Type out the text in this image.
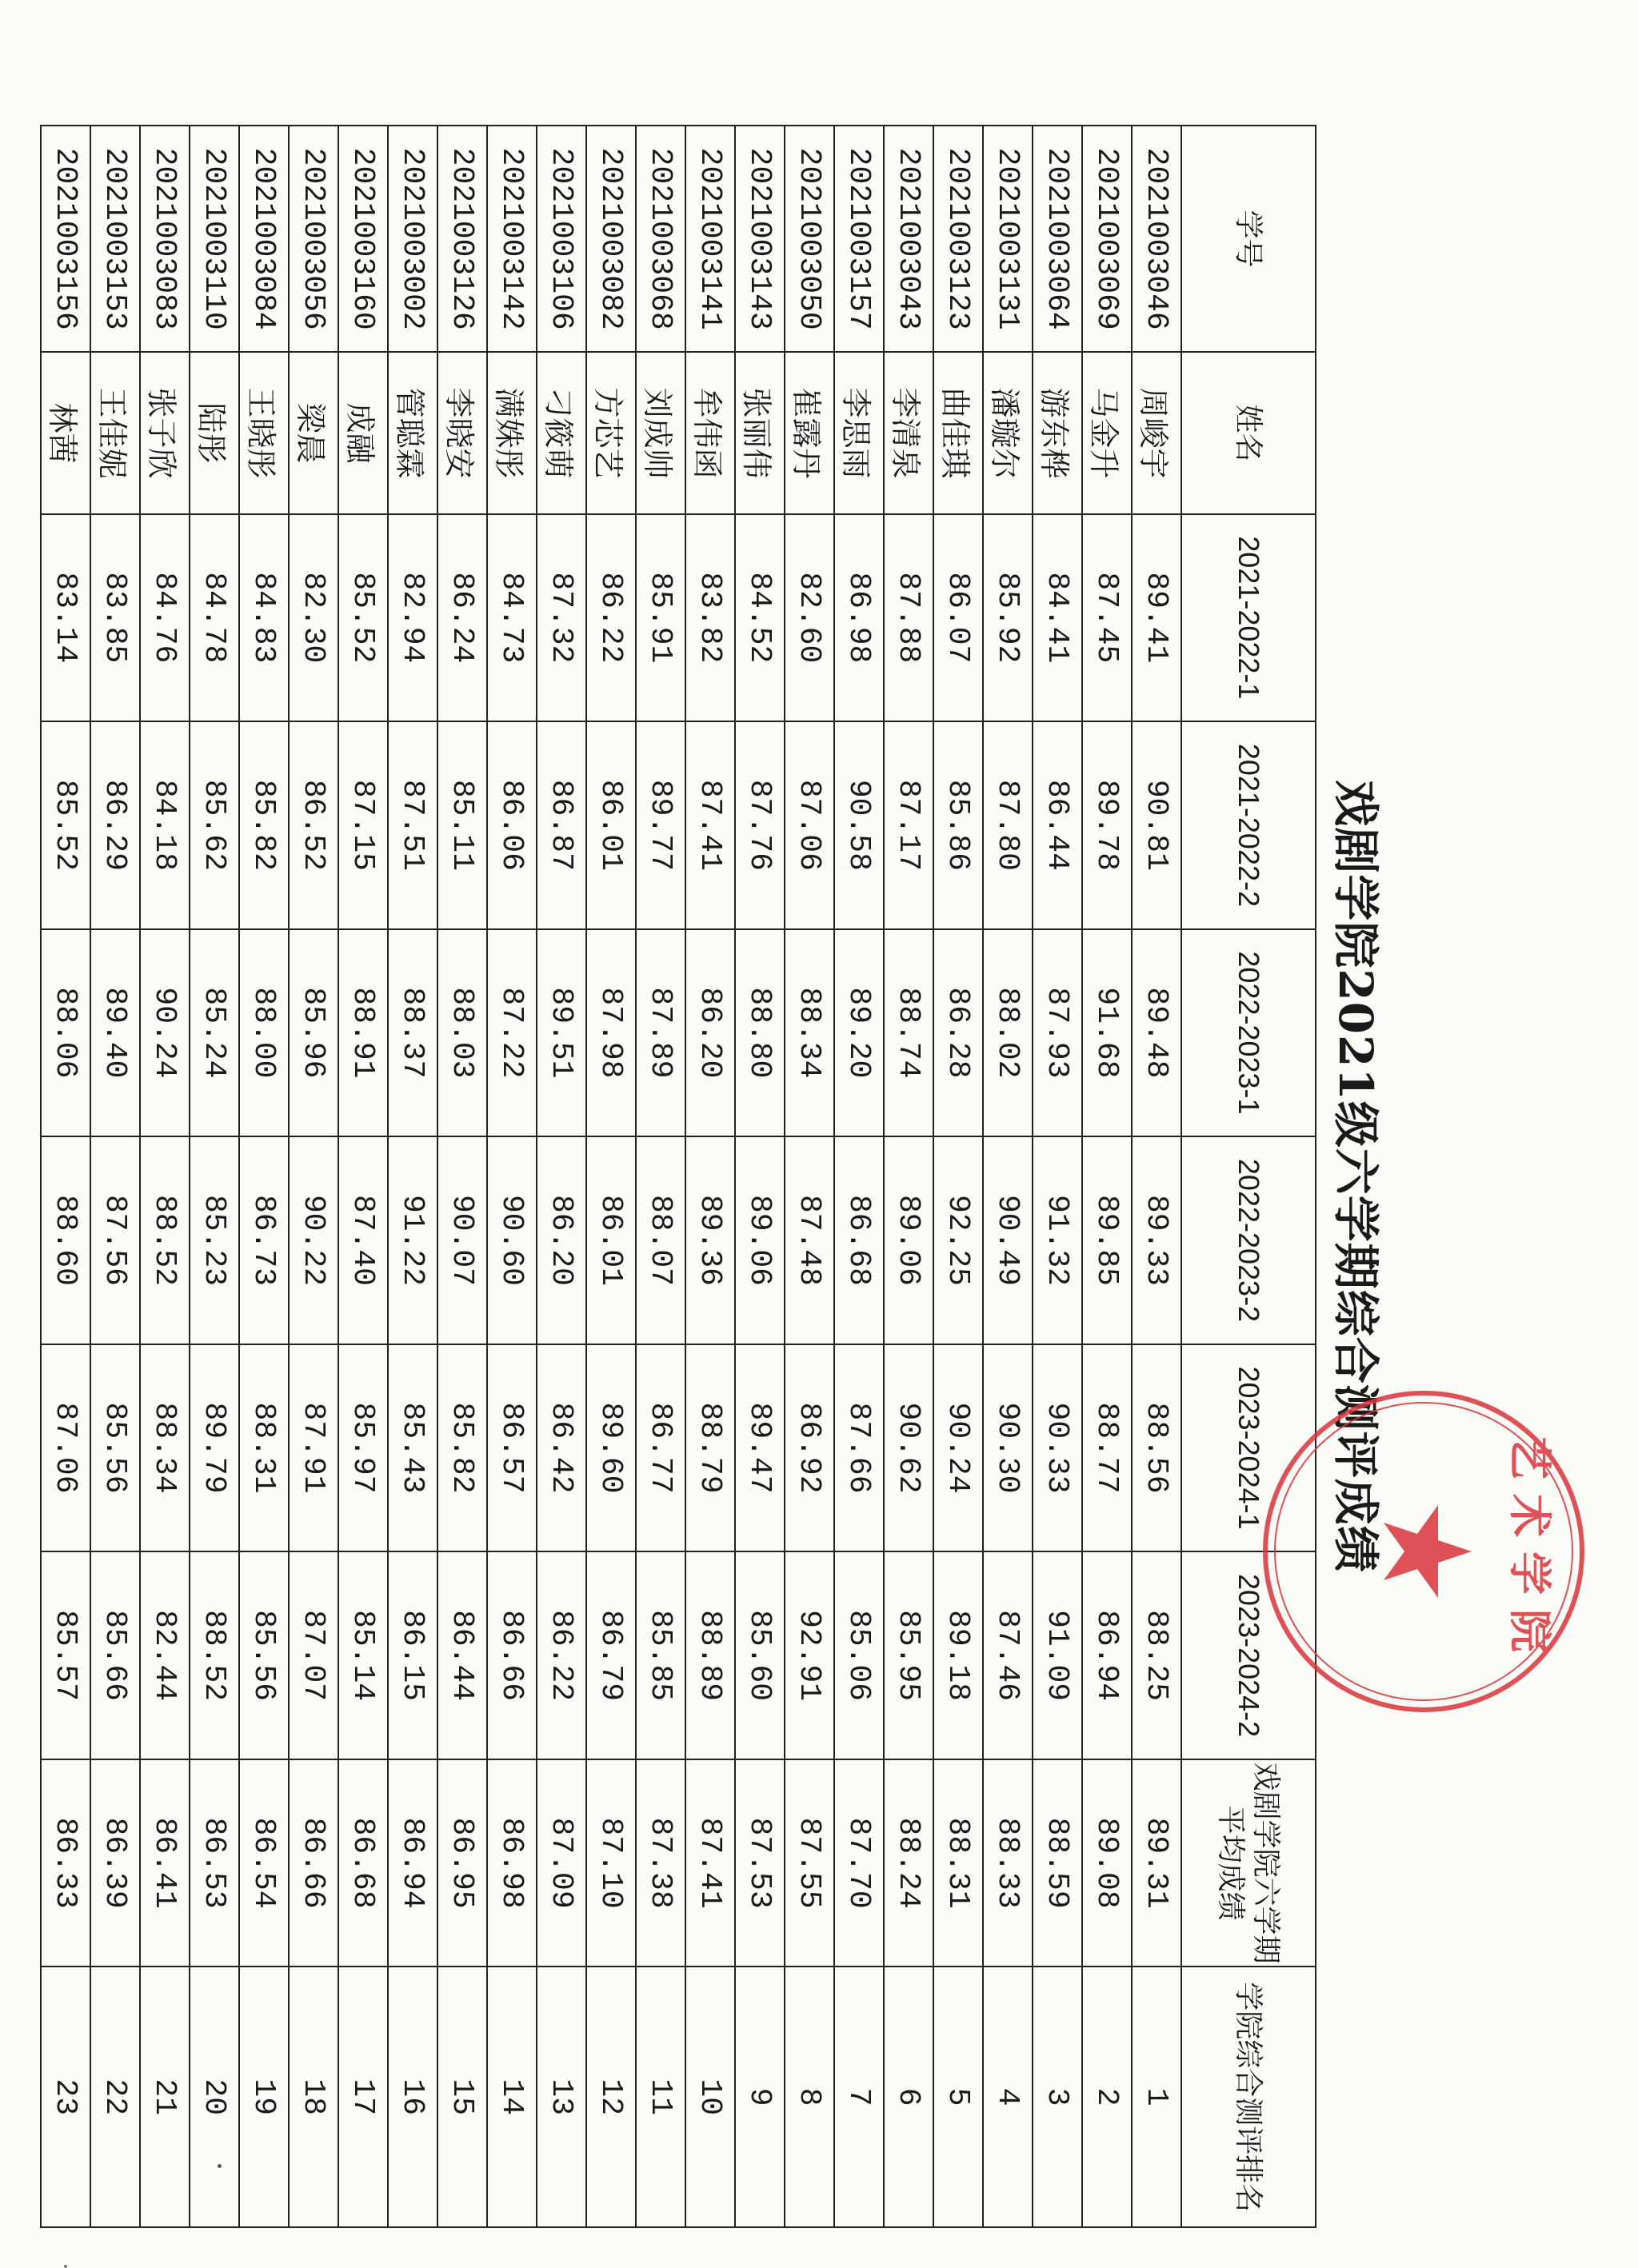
戏剧学院2021级六学期综合测评成绩
学号	姓名	2021-2022-1	2021-2022-2	2022-2023-1	2022-2023-2	2023-2024-1	2023-2024-2	戏剧学院六学期平均成绩	学院综合测评排名
2021003046	周峻宇	89.41	90.81	89.48	89.33	88.56	88.25	89.31	1
2021003069	马金升	87.45	89.78	91.68	89.85	88.77	86.94	89.08	2
2021003064	游东桦	84.41	86.44	87.93	91.32	90.33	91.09	88.59	3
2021003131	潘璇尔	85.92	87.80	88.02	90.49	90.30	87.46	88.33	4
2021003123	曲佳琪	86.07	85.86	86.28	92.25	90.24	89.18	88.31	5
2021003043	李清泉	87.88	87.17	88.74	89.06	90.62	85.95	88.24	6
2021003157	李思雨	86.98	90.58	89.20	86.68	87.66	85.06	87.70	7
2021003050	崔露丹	82.60	87.06	88.34	87.48	86.92	92.91	87.55	8
2021003143	张丽伟	84.52	87.76	88.80	89.06	89.47	85.60	87.53	9
2021003141	牟伟函	83.82	87.41	86.20	89.36	88.79	88.89	87.41	10
2021003068	刘成帅	85.91	89.77	87.89	88.07	86.77	85.85	87.38	11
2021003082	方芯艺	86.22	86.01	87.98	86.01	89.60	86.79	87.10	12
2021003106	刁筱萌	87.32	86.87	89.51	86.20	86.42	86.22	87.09	13
2021003142	满姝彤	84.73	86.06	87.22	90.60	86.57	86.66	86.98	14
2021003126	李晓安	86.24	85.11	88.03	90.07	85.82	86.44	86.95	15
2021003002	管聪霖	82.94	87.51	88.37	91.22	85.43	86.15	86.94	16
2021003160	成融	85.52	87.15	88.91	87.40	85.97	85.14	86.68	17
2021003056	梁晨	82.30	86.52	85.96	90.22	87.91	87.07	86.66	18
2021003084	王晓彤	84.83	85.82	88.00	86.73	88.31	85.56	86.54	19
2021003110	陆彤	84.78	85.62	85.24	85.23	89.79	88.52	86.53	20
2021003083	张子欣	84.76	84.18	90.24	88.52	88.34	82.44	86.41	21
2021003153	王佳妮	83.85	86.29	89.40	87.56	85.56	85.66	86.39	22
2021003156	林茜	83.14	85.52	88.06	88.60	87.06	85.57	86.33	23
艺术学院
